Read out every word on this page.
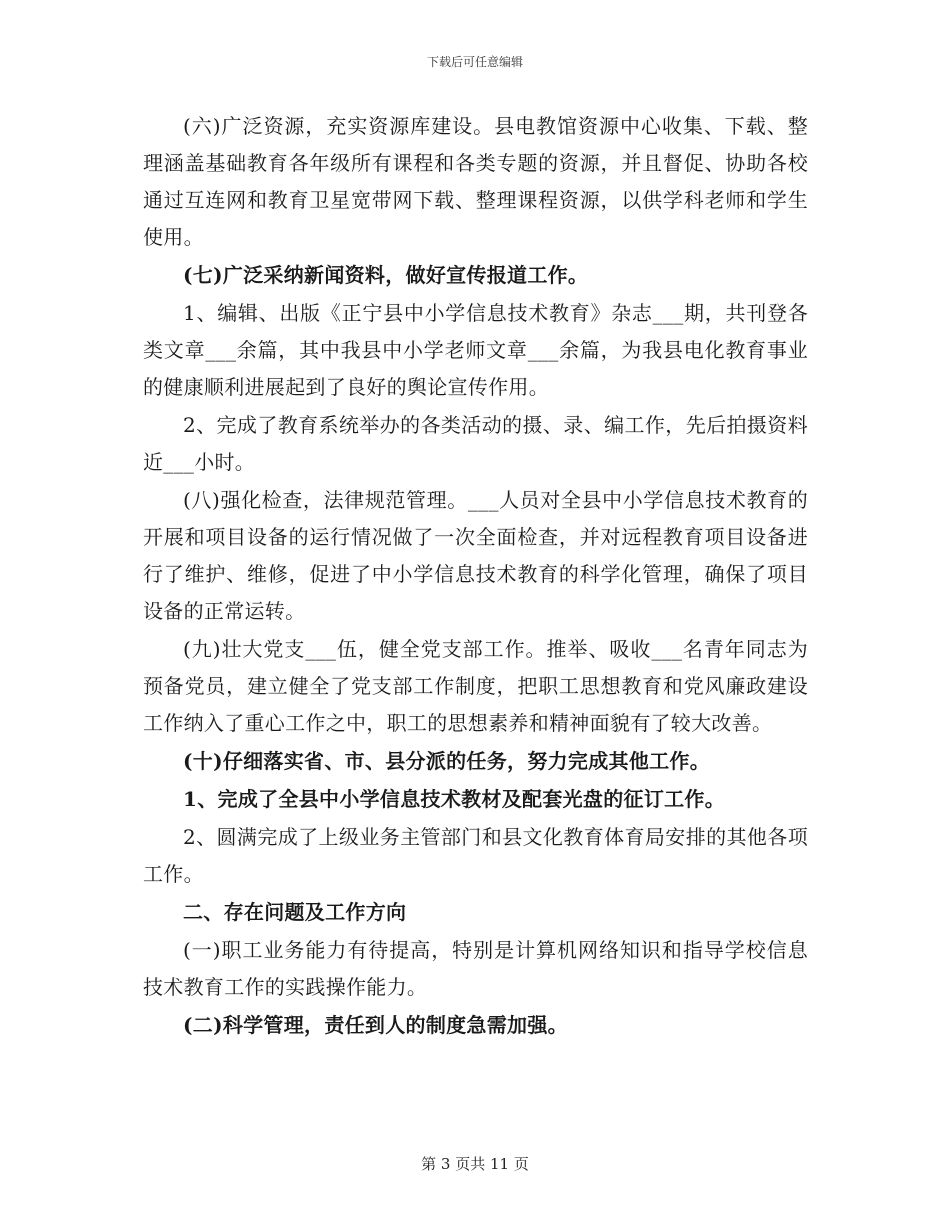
下载后可任意编辑

(六)广泛资源，充实资源库建设。县电教馆资源中心收集、下载、整理涵盖基础教育各年级所有课程和各类专题的资源，并且督促、协助各校通过互连网和教育卫星宽带网下载、整理课程资源，以供学科老师和学生使用。

(七)广泛采纳新闻资料，做好宣传报道工作。

1、编辑、出版《正宁县中小学信息技术教育》杂志___期，共刊登各类文章___余篇，其中我县中小学老师文章___余篇，为我县电化教育事业的健康顺利进展起到了良好的舆论宣传作用。

2、完成了教育系统举办的各类活动的摄、录、编工作，先后拍摄资料近___小时。

(八)强化检查，法律规范管理。___人员对全县中小学信息技术教育的开展和项目设备的运行情况做了一次全面检查，并对远程教育项目设备进行了维护、维修，促进了中小学信息技术教育的科学化管理，确保了项目设备的正常运转。

(九)壮大党支___伍，健全党支部工作。推举、吸收___名青年同志为预备党员，建立健全了党支部工作制度，把职工思想教育和党风廉政建设工作纳入了重心工作之中，职工的思想素养和精神面貌有了较大改善。

(十)仔细落实省、市、县分派的任务，努力完成其他工作。

1、完成了全县中小学信息技术教材及配套光盘的征订工作。

2、圆满完成了上级业务主管部门和县文化教育体育局安排的其他各项工作。

二、存在问题及工作方向

(一)职工业务能力有待提高，特别是计算机网络知识和指导学校信息技术教育工作的实践操作能力。

(二)科学管理，责任到人的制度急需加强。

第 3 页共 11 页
